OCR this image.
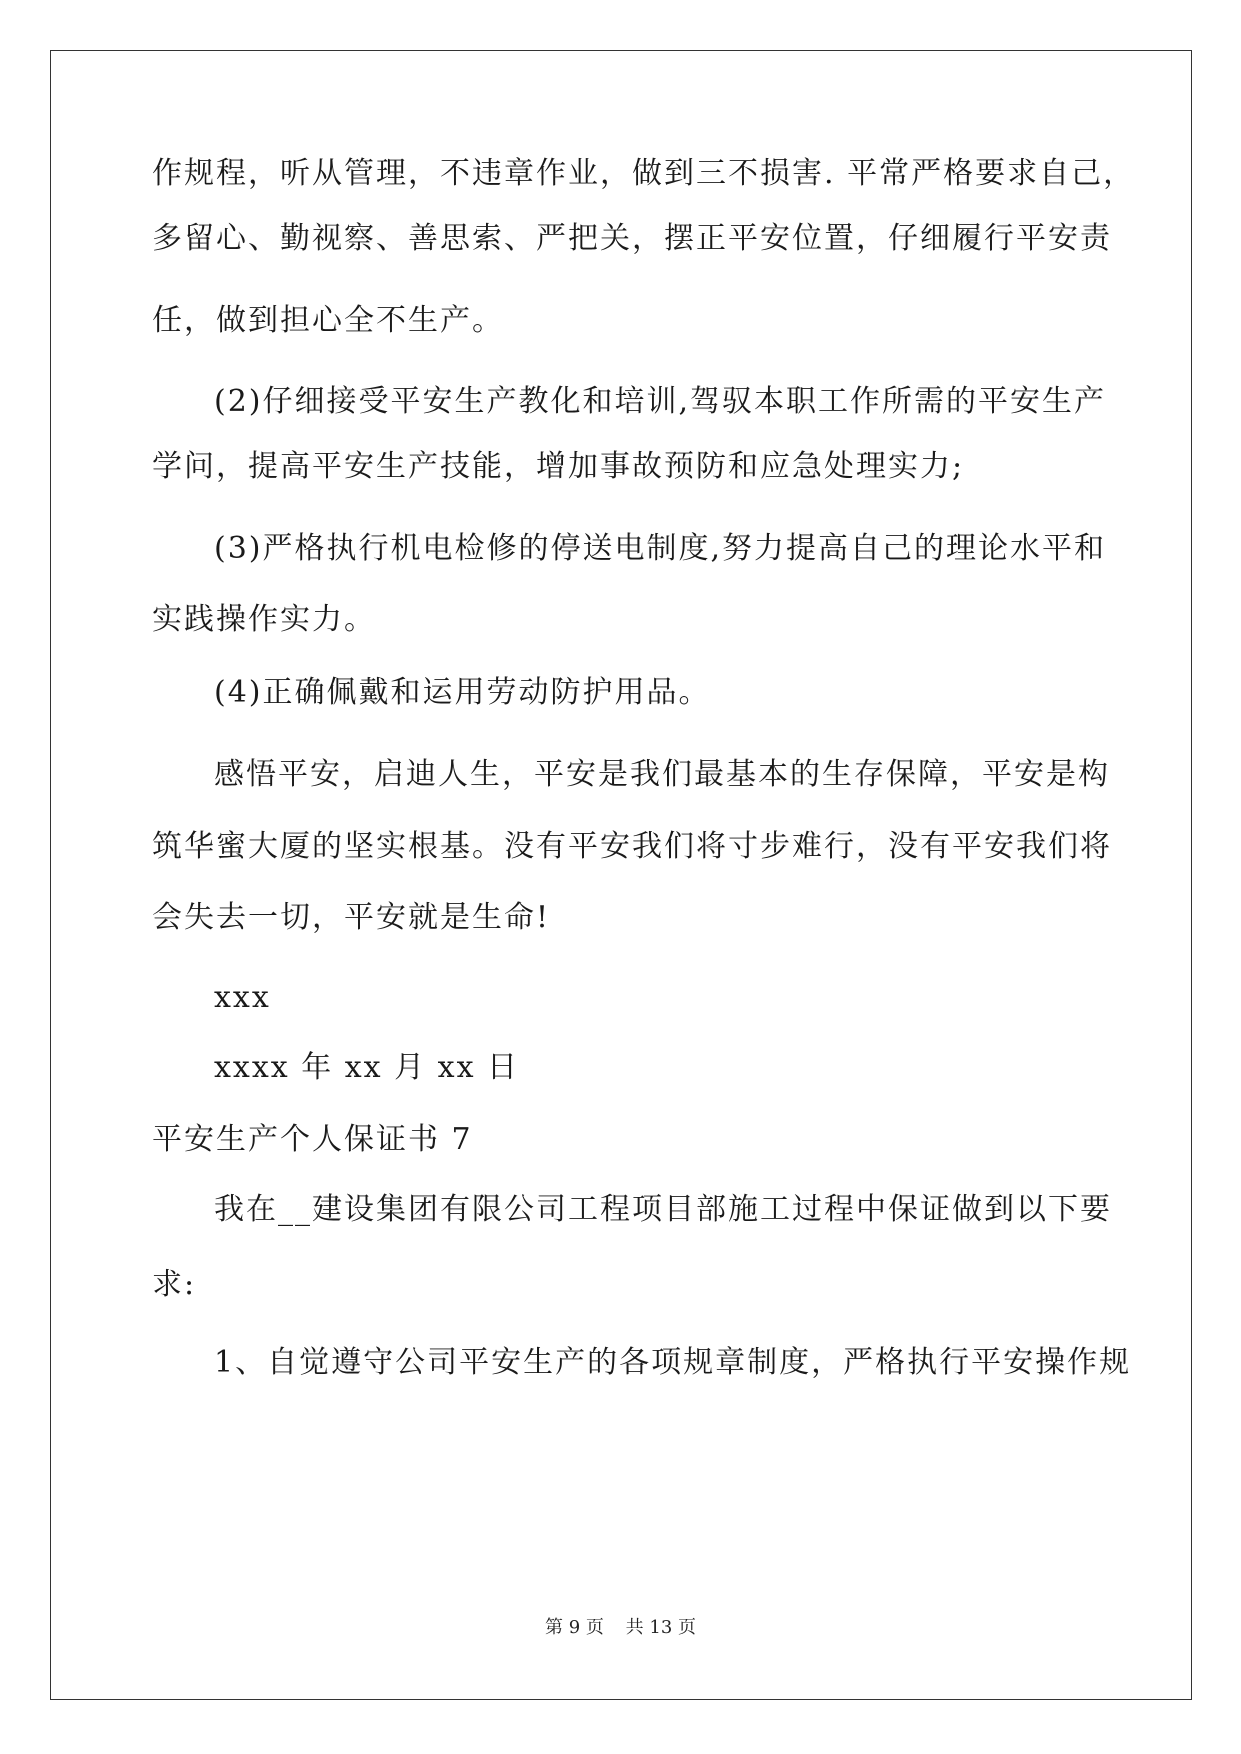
作规程，听从管理，不违章作业，做到三不损害. 平常严格要求自己，
多留心、勤视察、善思索、严把关，摆正平安位置，仔细履行平安责
任，做到担心全不生产。
(2)仔细接受平安生产教化和培训,驾驭本职工作所需的平安生产
学问，提高平安生产技能，增加事故预防和应急处理实力;
(3)严格执行机电检修的停送电制度,努力提高自己的理论水平和
实践操作实力。
(4)正确佩戴和运用劳动防护用品。
感悟平安，启迪人生，平安是我们最基本的生存保障，平安是构
筑华蜜大厦的坚实根基。没有平安我们将寸步难行，没有平安我们将
会失去一切，平安就是生命!
xxx
xxxx 年 xx 月 xx 日
平安生产个人保证书 7
我在__建设集团有限公司工程项目部施工过程中保证做到以下要
求:
1、自觉遵守公司平安生产的各项规章制度，严格执行平安操作规
第 9 页 共 13 页
